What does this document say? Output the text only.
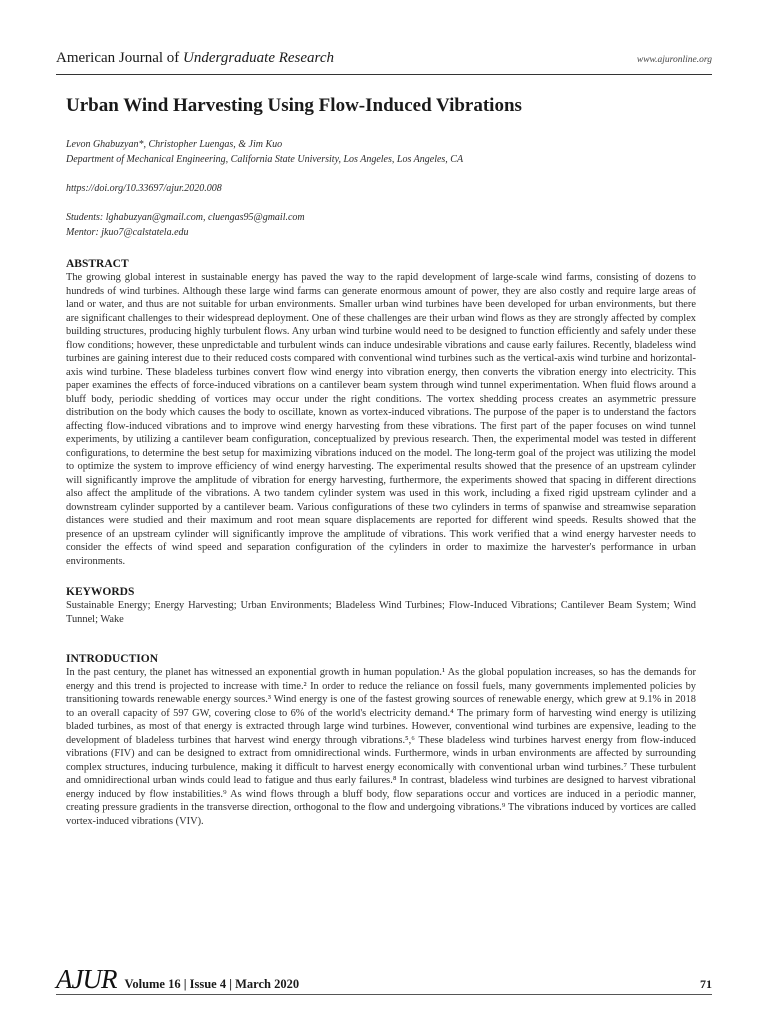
American Journal of Undergraduate Research	www.ajuronline.org
Urban Wind Harvesting Using Flow-Induced Vibrations
Levon Ghabuzyan*, Christopher Luengas, & Jim Kuo
Department of Mechanical Engineering, California State University, Los Angeles, Los Angeles, CA
https://doi.org/10.33697/ajur.2020.008
Students: lghabuzyan@gmail.com, cluengas95@gmail.com
Mentor: jkuo7@calstatela.edu
ABSTRACT

The growing global interest in sustainable energy has paved the way to the rapid development of large-scale wind farms, consisting of dozens to hundreds of wind turbines. Although these large wind farms can generate enormous amount of power, they are also costly and require large areas of land or water, and thus are not suitable for urban environments. Smaller urban wind turbines have been developed for urban environments, but there are significant challenges to their widespread deployment. One of these challenges are their urban wind flows as they are strongly affected by complex building structures, producing highly turbulent flows. Any urban wind turbine would need to be designed to function efficiently and safely under these flow conditions; however, these unpredictable and turbulent winds can induce undesirable vibrations and cause early failures. Recently, bladeless wind turbines are gaining interest due to their reduced costs compared with conventional wind turbines such as the vertical-axis wind turbine and horizontal-axis wind turbine. These bladeless turbines convert flow wind energy into vibration energy, then converts the vibration energy into electricity. This paper examines the effects of force-induced vibrations on a cantilever beam system through wind tunnel experimentation. When fluid flows around a bluff body, periodic shedding of vortices may occur under the right conditions. The vortex shedding process creates an asymmetric pressure distribution on the body which causes the body to oscillate, known as vortex-induced vibrations. The purpose of the paper is to understand the factors affecting flow-induced vibrations and to improve wind energy harvesting from these vibrations. The first part of the paper focuses on wind tunnel experiments, by utilizing a cantilever beam configuration, conceptualized by previous research. Then, the experimental model was tested in different configurations, to determine the best setup for maximizing vibrations induced on the model. The long-term goal of the project was utilizing the model to optimize the system to improve efficiency of wind energy harvesting. The experimental results showed that the presence of an upstream cylinder will significantly improve the amplitude of vibration for energy harvesting, furthermore, the experiments showed that spacing in different directions also affect the amplitude of the vibrations. A two tandem cylinder system was used in this work, including a fixed rigid upstream cylinder and a downstream cylinder supported by a cantilever beam. Various configurations of these two cylinders in terms of spanwise and streamwise separation distances were studied and their maximum and root mean square displacements are reported for different wind speeds. Results showed that the presence of an upstream cylinder will significantly improve the amplitude of vibrations. This work verified that a wind energy harvester needs to consider the effects of wind speed and separation configuration of the cylinders in order to maximize the harvester's performance in urban environments.

KEYWORDS

Sustainable Energy; Energy Harvesting; Urban Environments; Bladeless Wind Turbines; Flow-Induced Vibrations; Cantilever Beam System; Wind Tunnel; Wake

INTRODUCTION

In the past century, the planet has witnessed an exponential growth in human population.¹ As the global population increases, so has the demands for energy and this trend is projected to increase with time.² In order to reduce the reliance on fossil fuels, many governments implemented policies by transitioning towards renewable energy sources.³ Wind energy is one of the fastest growing sources of renewable energy, which grew at 9.1% in 2018 to an overall capacity of 597 GW, covering close to 6% of the world's electricity demand.⁴ The primary form of harvesting wind energy is utilizing bladed turbines, as most of that energy is extracted through large wind turbines. However, conventional wind turbines are expensive, leading to the development of bladeless turbines that harvest wind energy through vibrations.⁵,⁶ These bladeless wind turbines harvest energy from flow-induced vibrations (FIV) and can be designed to extract from omnidirectional winds. Furthermore, winds in urban environments are affected by surrounding complex structures, inducing turbulence, making it difficult to harvest energy economically with conventional urban wind turbines.⁷ These turbulent and omnidirectional urban winds could lead to fatigue and thus early failures.⁸ In contrast, bladeless wind turbines are designed to harvest vibrational energy induced by flow instabilities.⁹ As wind flows through a bluff body, flow separations occur and vortices are induced in a periodic manner, creating pressure gradients in the transverse direction, orthogonal to the flow and undergoing vibrations.⁹ The vibrations induced by vortices are called vortex-induced vibrations (VIV).

AJUR Volume 16 | Issue 4 | March 2020	71
